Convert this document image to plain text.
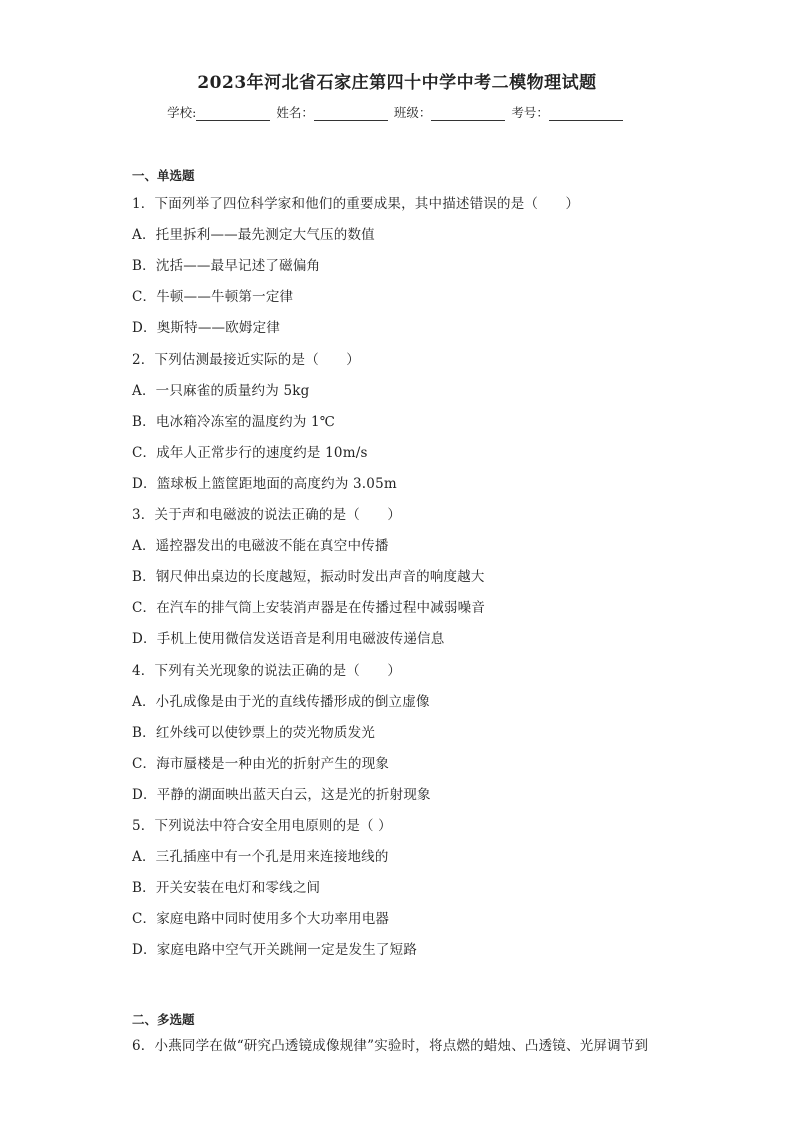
2023年河北省石家庄第四十中学中考二模物理试题
学校:	姓名：	班级：	考号：
一、单选题
1．下面列举了四位科学家和他们的重要成果，其中描述错误的是（　　）
A．托里拆利——最先测定大气压的数值
B．沈括——最早记述了磁偏角
C．牛顿——牛顿第一定律
D．奥斯特——欧姆定律
2．下列估测最接近实际的是（　　）
A．一只麻雀的质量约为 5kg
B．电冰箱冷冻室的温度约为 1℃
C．成年人正常步行的速度约是 10m/s
D．篮球板上篮筐距地面的高度约为 3.05m
3．关于声和电磁波的说法正确的是（　　）
A．遥控器发出的电磁波不能在真空中传播
B．钢尺伸出桌边的长度越短，振动时发出声音的响度越大
C．在汽车的排气筒上安装消声器是在传播过程中减弱噪音
D．手机上使用微信发送语音是利用电磁波传递信息
4．下列有关光现象的说法正确的是（　　）
A．小孔成像是由于光的直线传播形成的倒立虚像
B．红外线可以使钞票上的荧光物质发光
C．海市蜃楼是一种由光的折射产生的现象
D．平静的湖面映出蓝天白云，这是光的折射现象
5．下列说法中符合安全用电原则的是（ ）
A．三孔插座中有一个孔是用来连接地线的
B．开关安装在电灯和零线之间
C．家庭电路中同时使用多个大功率用电器
D．家庭电路中空气开关跳闸一定是发生了短路
二、多选题
6．小燕同学在做“研究凸透镜成像规律”实验时，将点燃的蜡烛、凸透镜、光屏调节到
